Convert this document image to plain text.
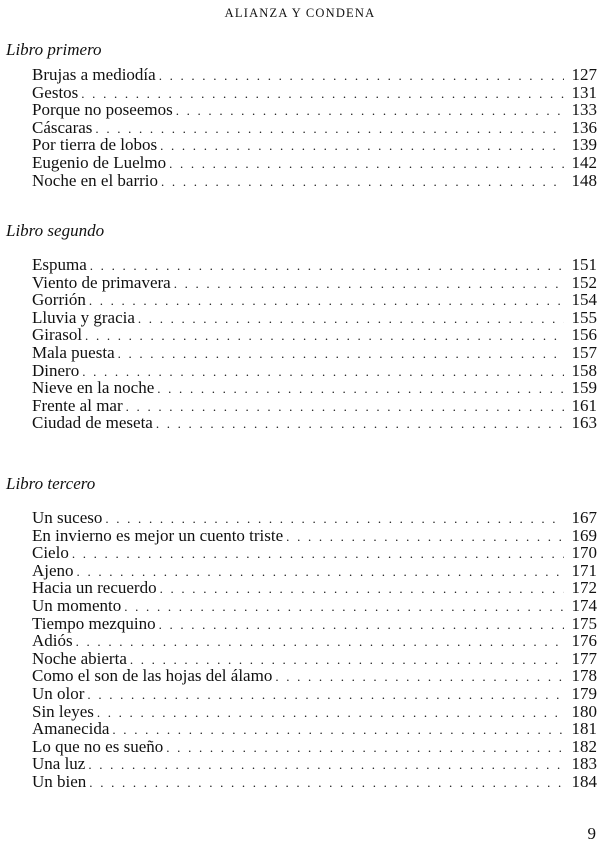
ALIANZA Y CONDENA
Libro primero
Brujas a mediodía . . .	127
Gestos . . .	131
Porque no poseemos . . .	133
Cáscaras . . .	136
Por tierra de lobos . . .	139
Eugenio de Luelmo . . .	142
Noche en el barrio . . .	148
Libro segundo
Espuma . . .	151
Viento de primavera . . .	152
Gorrión . . .	154
Lluvia y gracia . . .	155
Girasol . . .	156
Mala puesta . . .	157
Dinero . . .	158
Nieve en la noche . . .	159
Frente al mar . . .	161
Ciudad de meseta . . .	163
Libro tercero
Un suceso . . .	167
En invierno es mejor un cuento triste . . .	169
Cielo . . .	170
Ajeno . . .	171
Hacia un recuerdo . . .	172
Un momento . . .	174
Tiempo mezquino . . .	175
Adiós . . .	176
Noche abierta . . .	177
Como el son de las hojas del álamo . . .	178
Un olor . . .	179
Sin leyes . . .	180
Amanecida . . .	181
Lo que no es sueño . . .	182
Una luz . . .	183
Un bien . . .	184
9
